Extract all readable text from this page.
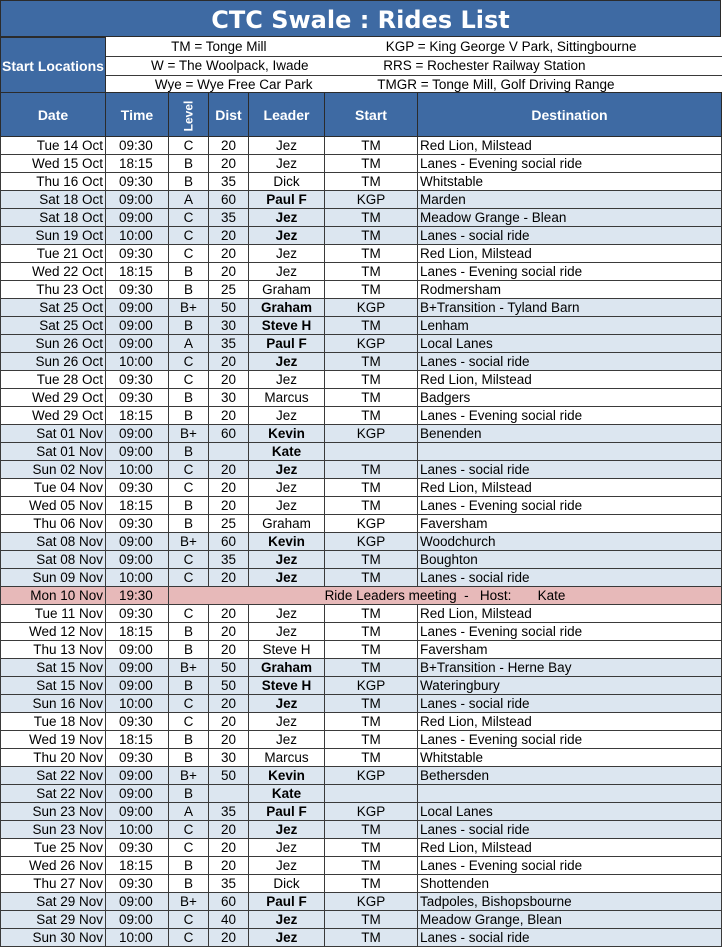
CTC Swale : Rides List
Start Locations	TM = Tonge Mill	KGP = King George V Park, Sittingbourne
	W = The Woolpack, Iwade	RRS = Rochester Railway Station
	Wye = Wye Free Car Park	TMGR = Tonge Mill, Golf Driving Range
Date	Time	Level	Dist	Leader	Start	Destination
Tue 14 Oct	09:30	C	20	Jez	TM	Red Lion, Milstead
Wed 15 Oct	18:15	B	20	Jez	TM	Lanes - Evening social ride
Thu 16 Oct	09:30	B	35	Dick	TM	Whitstable
Sat 18 Oct	09:00	A	60	Paul F	KGP	Marden
Sat 18 Oct	09:00	C	35	Jez	TM	Meadow Grange - Blean
Sun 19 Oct	10:00	C	20	Jez	TM	Lanes - social ride
Tue 21 Oct	09:30	C	20	Jez	TM	Red Lion, Milstead
Wed 22 Oct	18:15	B	20	Jez	TM	Lanes - Evening social ride
Thu 23 Oct	09:30	B	25	Graham	TM	Rodmersham
Sat 25 Oct	09:00	B+	50	Graham	KGP	B+Transition - Tyland Barn
Sat 25 Oct	09:00	B	30	Steve H	TM	Lenham
Sun 26 Oct	09:00	A	35	Paul F	KGP	Local Lanes
Sun 26 Oct	10:00	C	20	Jez	TM	Lanes - social ride
Tue 28 Oct	09:30	C	20	Jez	TM	Red Lion, Milstead
Wed 29 Oct	09:30	B	30	Marcus	TM	Badgers
Wed 29 Oct	18:15	B	20	Jez	TM	Lanes - Evening social ride
Sat 01 Nov	09:00	B+	60	Kevin	KGP	Benenden
Sat 01 Nov	09:00	B		Kate		
Sun 02 Nov	10:00	C	20	Jez	TM	Lanes - social ride
Tue 04 Nov	09:30	C	20	Jez	TM	Red Lion, Milstead
Wed 05 Nov	18:15	B	20	Jez	TM	Lanes - Evening social ride
Thu 06 Nov	09:30	B	25	Graham	KGP	Faversham
Sat 08 Nov	09:00	B+	60	Kevin	KGP	Woodchurch
Sat 08 Nov	09:00	C	35	Jez	TM	Boughton
Sun 09 Nov	10:00	C	20	Jez	TM	Lanes - social ride
Mon 10 Nov	19:30	Ride Leaders meeting  -   Host:       Kate				
Tue 11 Nov	09:30	C	20	Jez	TM	Red Lion, Milstead
Wed 12 Nov	18:15	B	20	Jez	TM	Lanes - Evening social ride
Thu 13 Nov	09:00	B	20	Steve H	TM	Faversham
Sat 15 Nov	09:00	B+	50	Graham	TM	B+Transition - Herne Bay
Sat 15 Nov	09:00	B	50	Steve H	KGP	Wateringbury
Sun 16 Nov	10:00	C	20	Jez	TM	Lanes - social ride
Tue 18 Nov	09:30	C	20	Jez	TM	Red Lion, Milstead
Wed 19 Nov	18:15	B	20	Jez	TM	Lanes - Evening social ride
Thu 20 Nov	09:30	B	30	Marcus	TM	Whitstable
Sat 22 Nov	09:00	B+	50	Kevin	KGP	Bethersden
Sat 22 Nov	09:00	B		Kate		
Sun 23 Nov	09:00	A	35	Paul F	KGP	Local Lanes
Sun 23 Nov	10:00	C	20	Jez	TM	Lanes - social ride
Tue 25 Nov	09:30	C	20	Jez	TM	Red Lion, Milstead
Wed 26 Nov	18:15	B	20	Jez	TM	Lanes - Evening social ride
Thu 27 Nov	09:30	B	35	Dick	TM	Shottenden
Sat 29 Nov	09:00	B+	60	Paul F	KGP	Tadpoles, Bishopsbourne
Sat 29 Nov	09:00	C	40	Jez	TM	Meadow Grange, Blean
Sun 30 Nov	10:00	C	20	Jez	TM	Lanes - social ride
